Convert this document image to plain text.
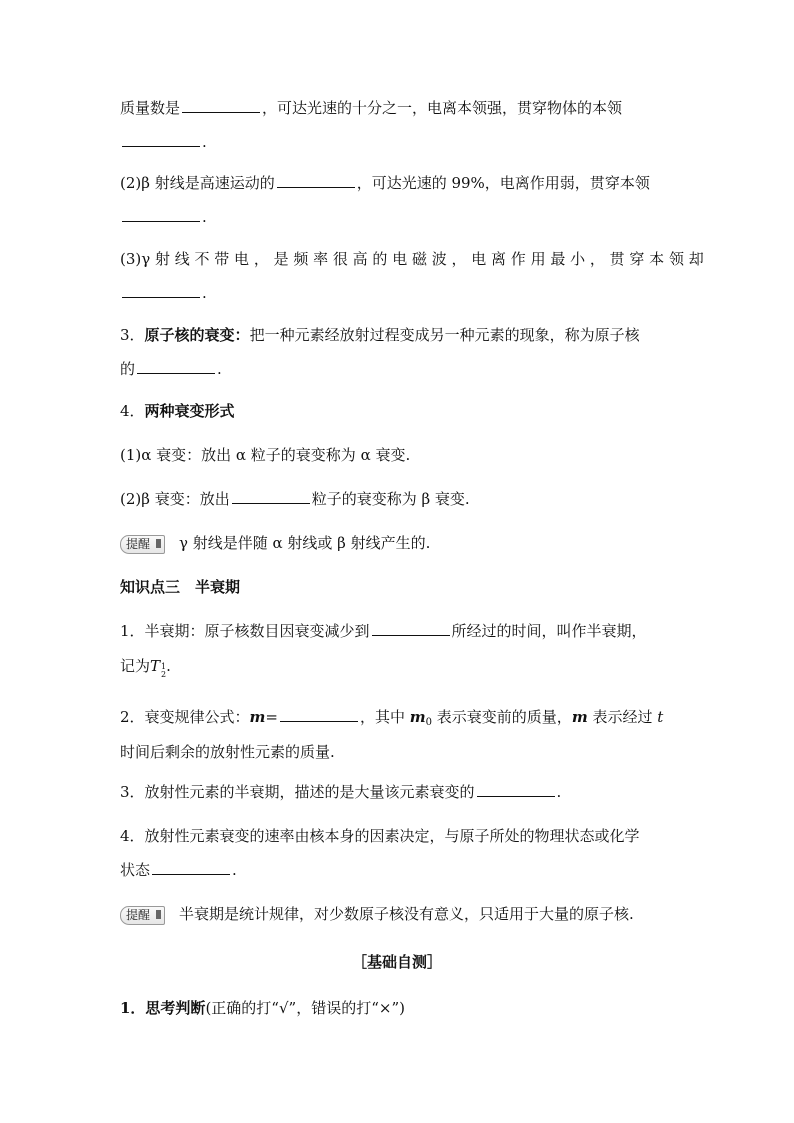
质量数是	，可达光速的十分之一，电离本领强，贯穿物体的本领
.
(2)β 射线是高速运动的	，可达光速的 99%，电离作用弱，贯穿本领
.
(3)γ 射 线 不 带 电 ， 是 频 率 很 高 的 电 磁 波 ， 电 离 作 用 最 小 ， 贯 穿 本 领 却
.
3．原子核的衰变：把一种元素经放射过程变成另一种元素的现象，称为原子核
的	.
4．两种衰变形式
(1)α 衰变：放出 α 粒子的衰变称为 α 衰变.
(2)β 衰变：放出	粒子的衰变称为 β 衰变.
提醒 γ 射线是伴随 α 射线或 β 射线产生的.
知识点三　半衰期
1．半衰期：原子核数目因衰变减少到	所经过的时间，叫作半衰期，
记为T1
2.
2．衰变规律公式：m=	，其中 $m_0$ 表示衰变前的质量，m 表示经过 t
时间后剩余的放射性元素的质量.
3．放射性元素的半衰期，描述的是大量该元素衰变的	.
4．放射性元素衰变的速率由核本身的因素决定，与原子所处的物理状态或化学
状态	.
提醒 半衰期是统计规律，对少数原子核没有意义，只适用于大量的原子核.
［基础自测］
1．思考判断(正确的打“√”，错误的打“×”)
